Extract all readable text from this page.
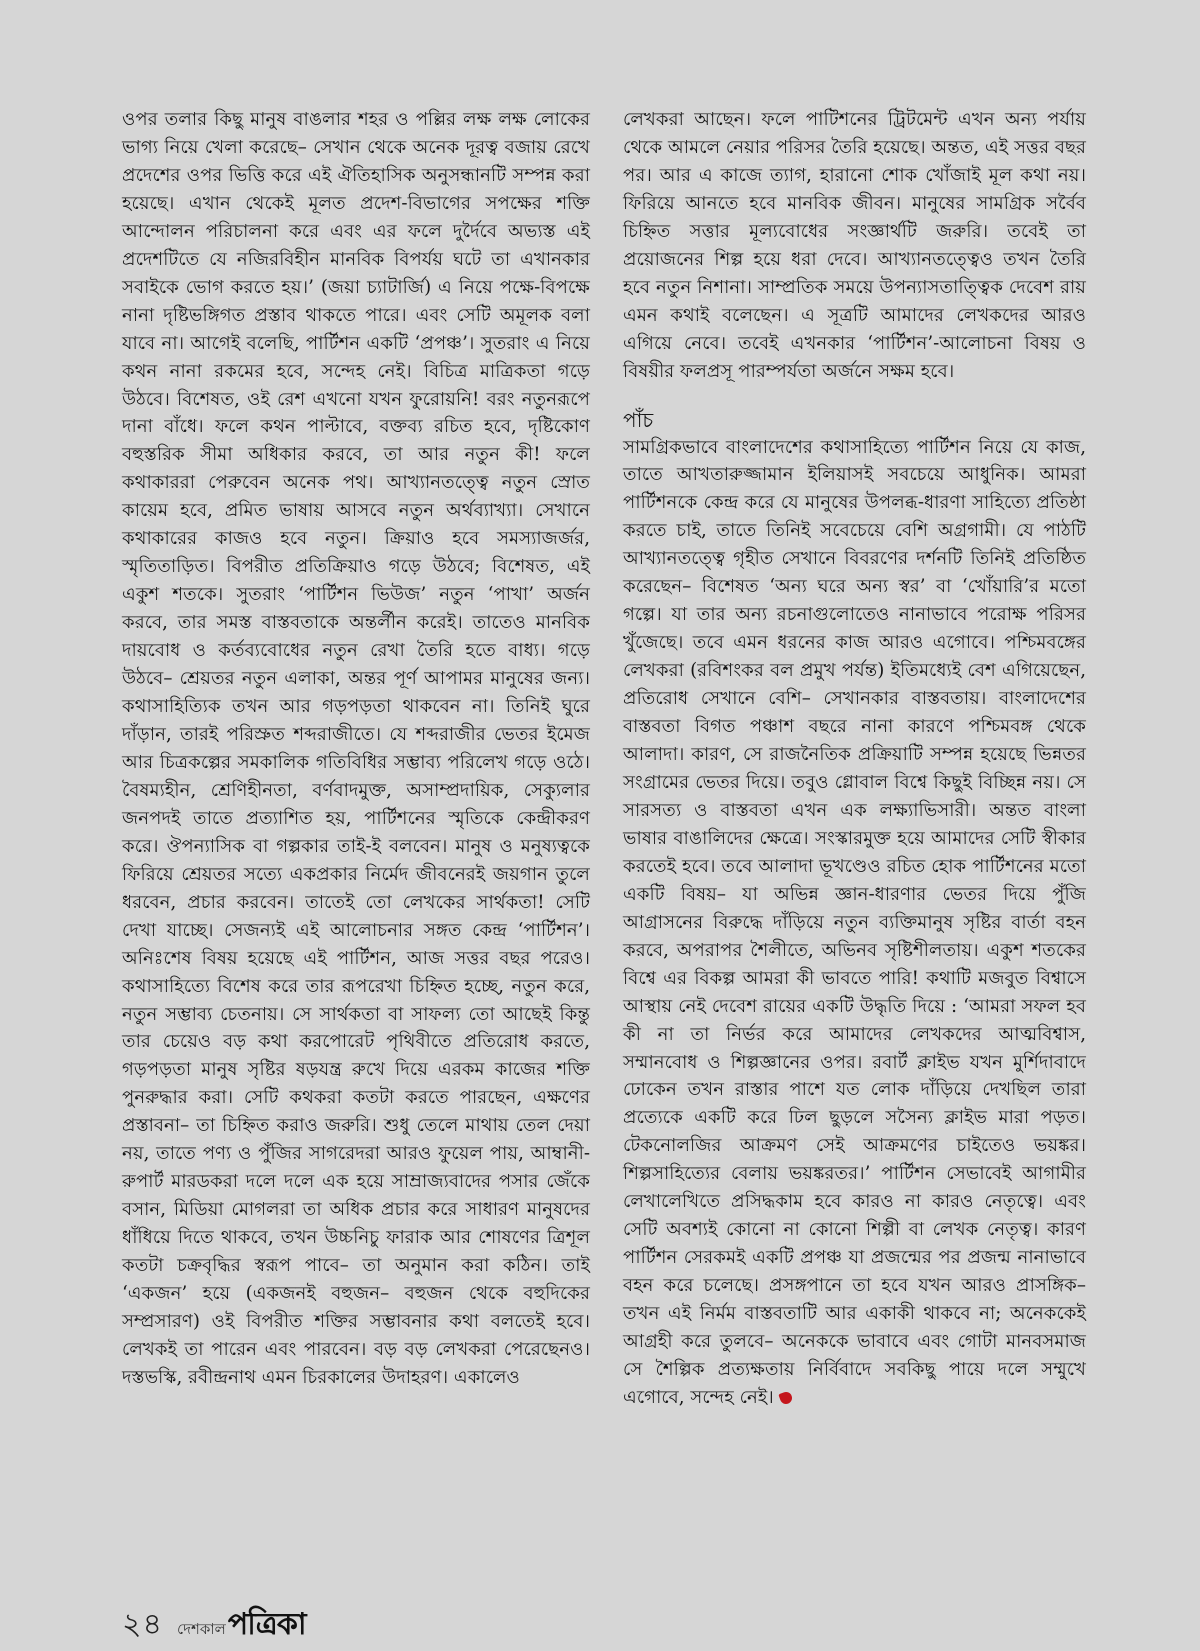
ওপর তলার কিছু মানুষ বাঙলার শহর ও পল্লির লক্ষ লক্ষ লোকের ভাগ্য নিয়ে খেলা করেছে– সেখান থেকে অনেক দূরত্ব বজায় রেখে প্রদেশের ওপর ভিত্তি করে এই ঐতিহাসিক অনুসন্ধানটি সম্পন্ন করা হয়েছে। এখান থেকেই মূলত প্রদেশ-বিভাগের সপক্ষের শক্তি আন্দোলন পরিচালনা করে এবং এর ফলে দুর্দৈবে অভ্যস্ত এই প্রদেশটিতে যে নজিরবিহীন মানবিক বিপর্যয় ঘটে তা এখানকার সবাইকে ভোগ করতে হয়।’ (জয়া চ্যাটার্জি) এ নিয়ে পক্ষে-বিপক্ষে নানা দৃষ্টিভঙ্গিগত প্রস্তাব থাকতে পারে। এবং সেটি অমূলক বলা যাবে না। আগেই বলেছি, পার্টিশন একটি ‘প্রপঞ্চ’। সুতরাং এ নিয়ে কথন নানা রকমের হবে, সন্দেহ নেই। বিচিত্র মাত্রিকতা গড়ে উঠবে। বিশেষত, ওই রেশ এখনো যখন ফুরোয়নি! বরং নতুনরূপে দানা বাঁধে। ফলে কথন পাল্টাবে, বক্তব্য রচিত হবে, দৃষ্টিকোণ বহুস্তরিক সীমা অধিকার করবে, তা আর নতুন কী! ফলে কথাকাররা পেরুবেন অনেক পথ। আখ্যানতত্ত্বে নতুন স্রোত কায়েম হবে, প্রমিত ভাষায় আসবে নতুন অর্থব্যাখ্যা। সেখানে কথাকারের কাজও হবে নতুন। ক্রিয়াও হবে সমস্যাজর্জর, স্মৃতিতাড়িত। বিপরীত প্রতিক্রিয়াও গড়ে উঠবে; বিশেষত, এই একুশ শতকে। সুতরাং ‘পার্টিশন ভিউজ’ নতুন ‘পাখা’ অর্জন করবে, তার সমস্ত বাস্তবতাকে অন্তর্লীন করেই। তাতেও মানবিক দায়বোধ ও কর্তব্যবোধের নতুন রেখা তৈরি হতে বাধ্য। গড়ে উঠবে– শ্রেয়তর নতুন এলাকা, অন্তর পূর্ণ আপামর মানুষের জন্য। কথাসাহিত্যিক তখন আর গড়পড়তা থাকবেন না। তিনিই ঘুরে দাঁড়ান, তারই পরিস্রুত শব্দরাজীতে। যে শব্দরাজীর ভেতর ইমেজ আর চিত্রকল্পের সমকালিক গতিবিধির সম্ভাব্য পরিলেখ গড়ে ওঠে। বৈষম্যহীন, শ্রেণিহীনতা, বর্ণবাদমুক্ত, অসাম্প্রদায়িক, সেক্যুলার জনপদই তাতে প্রত্যাশিত হয়, পার্টিশনের স্মৃতিকে কেন্দ্রীকরণ করে। ঔপন্যাসিক বা গল্পকার তাই-ই বলবেন। মানুষ ও মনুষ্যত্বকে ফিরিয়ে শ্রেয়তর সত্যে একপ্রকার নির্মেদ জীবনেরই জয়গান তুলে ধরবেন, প্রচার করবেন। তাতেই তো লেখকের সার্থকতা! সেটি দেখা যাচ্ছে। সেজন্যই এই আলোচনার সঙ্গত কেন্দ্র ‘পার্টিশন’। অনিঃশেষ বিষয় হয়েছে এই পার্টিশন, আজ সত্তর বছর পরেও। কথাসাহিত্যে বিশেষ করে তার রূপরেখা চিহ্নিত হচ্ছে, নতুন করে, নতুন সম্ভাব্য চেতনায়। সে সার্থকতা বা সাফল্য তো আছেই কিন্তু তার চেয়েও বড় কথা করপোরেট পৃথিবীতে প্রতিরোধ করতে, গড়পড়তা মানুষ সৃষ্টির ষড়যন্ত্র রুখে দিয়ে এরকম কাজের শক্তি পুনরুদ্ধার করা। সেটি কথকরা কতটা করতে পারছেন, এক্ষণের প্রস্তাবনা– তা চিহ্নিত করাও জরুরি। শুধু তেলে মাথায় তেল দেয়া নয়, তাতে পণ্য ও পুঁজির সাগরেদরা আরও ফুয়েল পায়, আম্বানী-রুপার্ট মারডকরা দলে দলে এক হয়ে সাম্রাজ্যবাদের পসার জেঁকে বসান, মিডিয়া মোগলরা তা অধিক প্রচার করে সাধারণ মানুষদের ধাঁধিয়ে দিতে থাকবে, তখন উচ্চনিচু ফারাক আর শোষণের ত্রিশূল কতটা চক্রবৃদ্ধির স্বরূপ পাবে– তা অনুমান করা কঠিন। তাই ‘একজন’ হয়ে (একজনই বহুজন– বহুজন থেকে বহুদিকের সম্প্রসারণ) ওই বিপরীত শক্তির সম্ভাবনার কথা বলতেই হবে। লেখকই তা পারেন এবং পারবেন। বড় বড় লেখকরা পেরেছেনও। দস্তভস্কি, রবীন্দ্রনাথ এমন চিরকালের উদাহরণ। একালেও

লেখকরা আছেন। ফলে পাটিশনের ট্রিটমেন্ট এখন অন্য পর্যায় থেকে আমলে নেয়ার পরিসর তৈরি হয়েছে। অন্তত, এই সত্তর বছর পর। আর এ কাজে ত্যাগ, হারানো শোক খোঁজাই মূল কথা নয়। ফিরিয়ে আনতে হবে মানবিক জীবন। মানুষের সামগ্রিক সর্বৈব চিহ্নিত সত্তার মূল্যবোধের সংজ্ঞার্থটি জরুরি। তবেই তা প্রয়োজনের শিল্প হয়ে ধরা দেবে। আখ্যানতত্ত্বেও তখন তৈরি হবে নতুন নিশানা। সাম্প্রতিক সময়ে উপন্যাসতাত্ত্বিক দেবেশ রায় এমন কথাই বলেছেন। এ সূত্রটি আমাদের লেখকদের আরও এগিয়ে নেবে। তবেই এখনকার ‘পার্টিশন’-আলোচনা বিষয় ও বিষয়ীর ফলপ্রসূ পারম্পর্যতা অর্জনে সক্ষম হবে।

পাঁচ

সামগ্রিকভাবে বাংলাদেশের কথাসাহিত্যে পার্টিশন নিয়ে যে কাজ, তাতে আখতারুজ্জামান ইলিয়াসই সবচেয়ে আধুনিক। আমরা পার্টিশনকে কেন্দ্র করে যে মানুষের উপলব্ধ-ধারণা সাহিত্যে প্রতিষ্ঠা করতে চাই, তাতে তিনিই সবেচেয়ে বেশি অগ্রগামী। যে পাঠটি আখ্যানতত্ত্বে গৃহীত সেখানে বিবরণের দর্শনটি তিনিই প্রতিষ্ঠিত করেছেন– বিশেষত ‘অন্য ঘরে অন্য স্বর’ বা ‘খোঁয়ারি’র মতো গল্পে। যা তার অন্য রচনাগুলোতেও নানাভাবে পরোক্ষ পরিসর খুঁজেছে। তবে এমন ধরনের কাজ আরও এগোবে। পশ্চিমবঙ্গের লেখকরা (রবিশংকর বল প্রমুখ পর্যন্ত) ইতিমধ্যেই বেশ এগিয়েছেন, প্রতিরোধ সেখানে বেশি– সেখানকার বাস্তবতায়। বাংলাদেশের বাস্তবতা বিগত পঞ্চাশ বছরে নানা কারণে পশ্চিমবঙ্গ থেকে আলাদা। কারণ, সে রাজনৈতিক প্রক্রিয়াটি সম্পন্ন হয়েছে ভিন্নতর সংগ্রামের ভেতর দিয়ে। তবুও গ্লোবাল বিশ্বে কিছুই বিচ্ছিন্ন নয়। সে সারসত্য ও বাস্তবতা এখন এক লক্ষ্যাভিসারী। অন্তত বাংলা ভাষার বাঙালিদের ক্ষেত্রে। সংস্কারমুক্ত হয়ে আমাদের সেটি স্বীকার করতেই হবে। তবে আলাদা ভূখণ্ডেও রচিত হোক পার্টিশনের মতো একটি বিষয়– যা অভিন্ন জ্ঞান-ধারণার ভেতর দিয়ে পুঁজি আগ্রাসনের বিরুদ্ধে দাঁড়িয়ে নতুন ব্যক্তিমানুষ সৃষ্টির বার্তা বহন করবে, অপরাপর শৈলীতে, অভিনব সৃষ্টিশীলতায়। একুশ শতকের বিশ্বে এর বিকল্প আমরা কী ভাবতে পারি! কথাটি মজবুত বিশ্বাসে আস্থায় নেই দেবেশ রায়ের একটি উদ্ধৃতি দিয়ে : ‘আমরা সফল হব কী না তা নির্ভর করে আমাদের লেখকদের আত্মবিশ্বাস, সম্মানবোধ ও শিল্পজ্ঞানের ওপর। রবার্ট ক্লাইভ যখন মুর্শিদাবাদে ঢোকেন তখন রাস্তার পাশে যত লোক দাঁড়িয়ে দেখছিল তারা প্রত্যেকে একটি করে ঢিল ছুড়লে সসৈন্য ক্লাইভ মারা পড়ত। টেকনোলজির আক্রমণ সেই আক্রমণের চাইতেও ভয়ঙ্কর। শিল্পসাহিত্যের বেলায় ভয়ঙ্করতর।’ পার্টিশন সেভাবেই আগামীর লেখালেখিতে প্রসিদ্ধকাম হবে কারও না কারও নেতৃত্বে। এবং সেটি অবশ্যই কোনো না কোনো শিল্পী বা লেখক নেতৃত্ব। কারণ পার্টিশন সেরকমই একটি প্রপঞ্চ যা প্রজন্মের পর প্রজন্ম নানাভাবে বহন করে চলেছে। প্রসঙ্গপানে তা হবে যখন আরও প্রাসঙ্গিক– তখন এই নির্মম বাস্তবতাটি আর একাকী থাকবে না; অনেককেই আগ্রহী করে তুলবে– অনেককে ভাবাবে এবং গোটা মানবসমাজ সে শৈল্পিক প্রত্যক্ষতায় নির্বিবাদে সবকিছু পায়ে দলে সম্মুখে এগোবে, সন্দেহ নেই।

২৪ দেশকাল পত্রিকা
